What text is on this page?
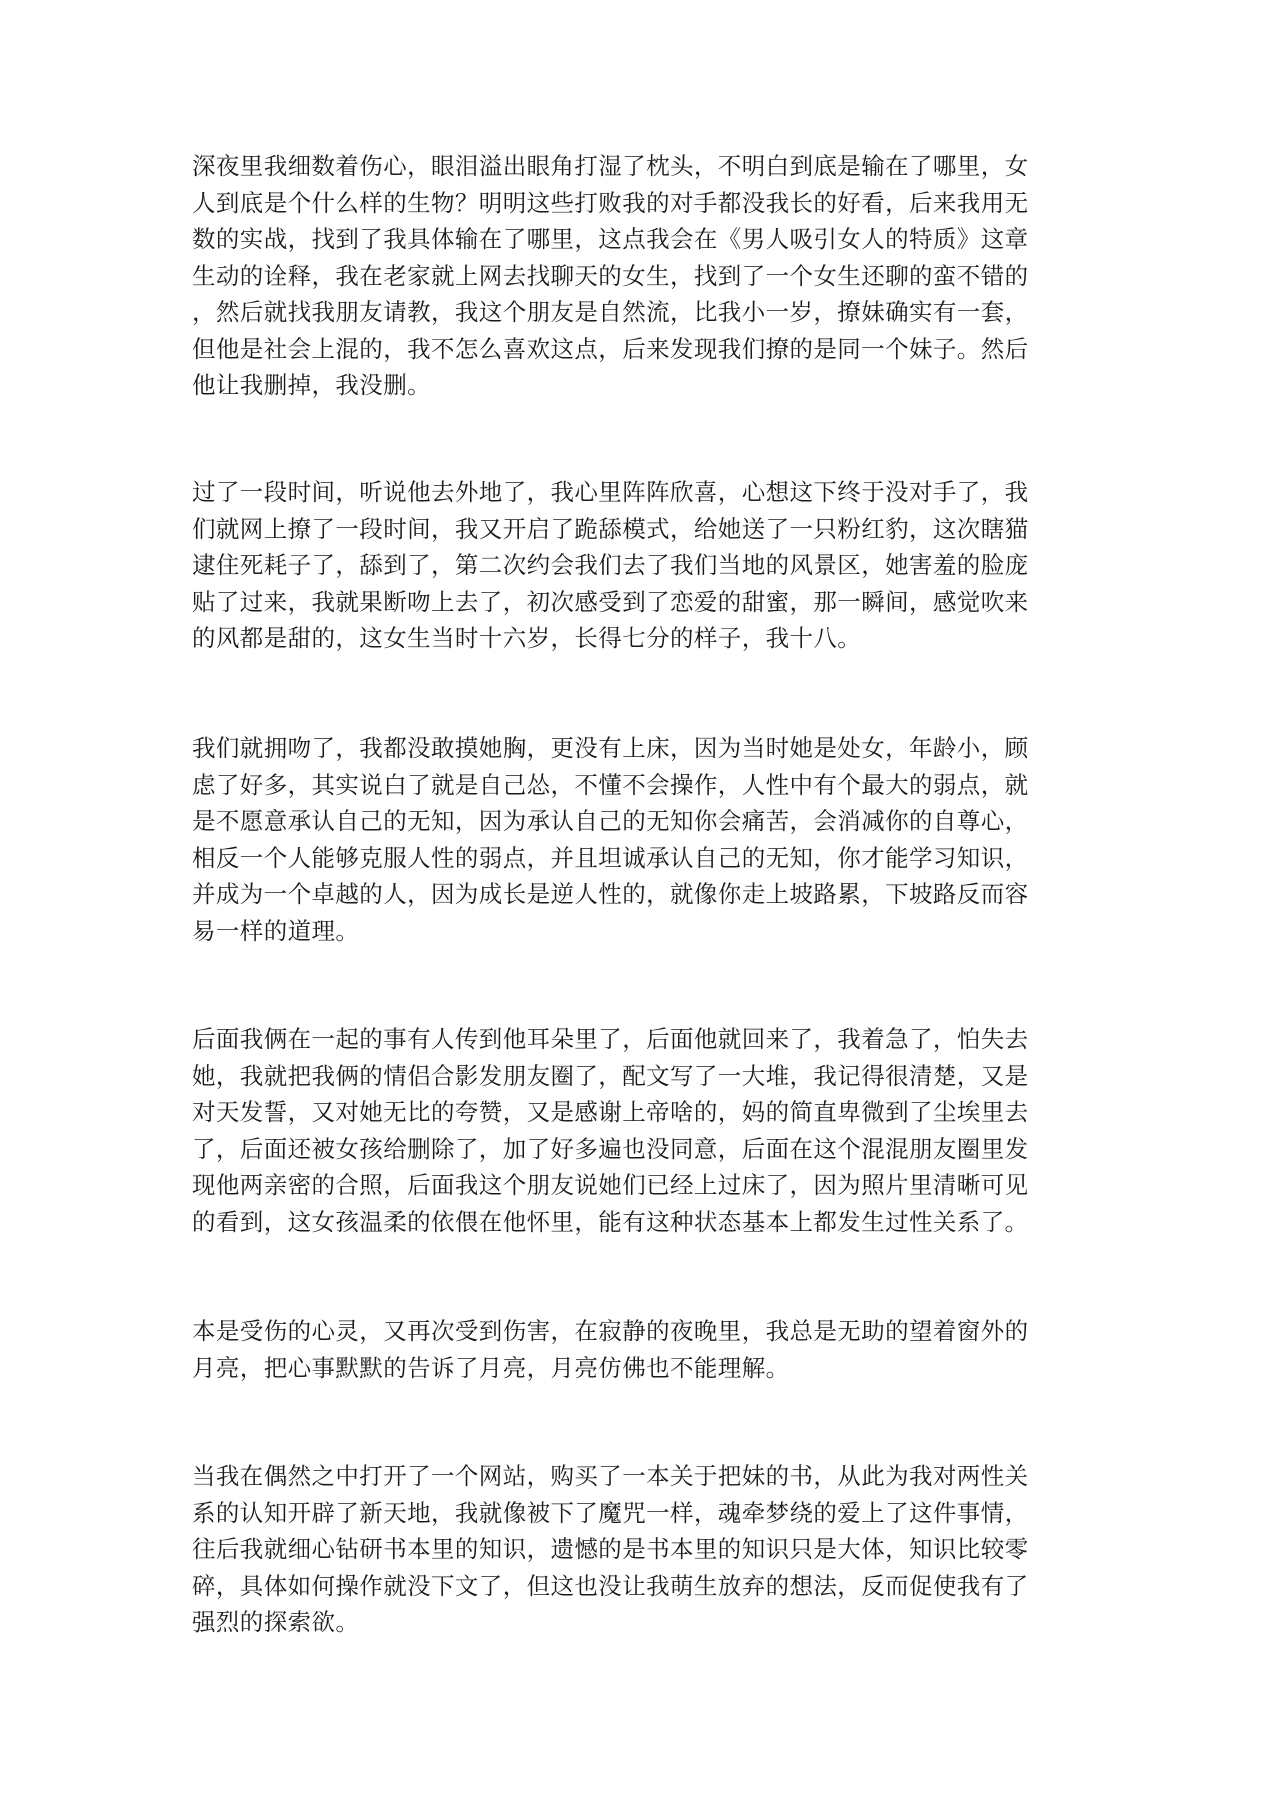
深夜里我细数着伤心，眼泪溢出眼角打湿了枕头，不明白到底是输在了哪里，女
人到底是个什么样的生物？明明这些打败我的对手都没我长的好看，后来我用无
数的实战，找到了我具体输在了哪里，这点我会在《男人吸引女人的特质》这章
生动的诠释，我在老家就上网去找聊天的女生，找到了一个女生还聊的蛮不错的
，然后就找我朋友请教，我这个朋友是自然流，比我小一岁，撩妹确实有一套，
但他是社会上混的，我不怎么喜欢这点，后来发现我们撩的是同一个妹子。然后
他让我删掉，我没删。
过了一段时间，听说他去外地了，我心里阵阵欣喜，心想这下终于没对手了，我
们就网上撩了一段时间，我又开启了跪舔模式，给她送了一只粉红豹，这次瞎猫
逮住死耗子了，舔到了，第二次约会我们去了我们当地的风景区，她害羞的脸庞
贴了过来，我就果断吻上去了，初次感受到了恋爱的甜蜜，那一瞬间，感觉吹来
的风都是甜的，这女生当时十六岁，长得七分的样子，我十八。
我们就拥吻了，我都没敢摸她胸，更没有上床，因为当时她是处女，年龄小，顾
虑了好多，其实说白了就是自己怂，不懂不会操作，人性中有个最大的弱点，就
是不愿意承认自己的无知，因为承认自己的无知你会痛苦，会消减你的自尊心，
相反一个人能够克服人性的弱点，并且坦诚承认自己的无知，你才能学习知识，
并成为一个卓越的人，因为成长是逆人性的，就像你走上坡路累，下坡路反而容
易一样的道理。
后面我俩在一起的事有人传到他耳朵里了，后面他就回来了，我着急了，怕失去
她，我就把我俩的情侣合影发朋友圈了，配文写了一大堆，我记得很清楚，又是
对天发誓，又对她无比的夸赞，又是感谢上帝啥的，妈的简直卑微到了尘埃里去
了，后面还被女孩给删除了，加了好多遍也没同意，后面在这个混混朋友圈里发
现他两亲密的合照，后面我这个朋友说她们已经上过床了，因为照片里清晰可见
的看到，这女孩温柔的依偎在他怀里，能有这种状态基本上都发生过性关系了。
本是受伤的心灵，又再次受到伤害，在寂静的夜晚里，我总是无助的望着窗外的
月亮，把心事默默的告诉了月亮，月亮仿佛也不能理解。
当我在偶然之中打开了一个网站，购买了一本关于把妹的书，从此为我对两性关
系的认知开辟了新天地，我就像被下了魔咒一样，魂牵梦绕的爱上了这件事情，
往后我就细心钻研书本里的知识，遗憾的是书本里的知识只是大体，知识比较零
碎，具体如何操作就没下文了，但这也没让我萌生放弃的想法，反而促使我有了
强烈的探索欲。
